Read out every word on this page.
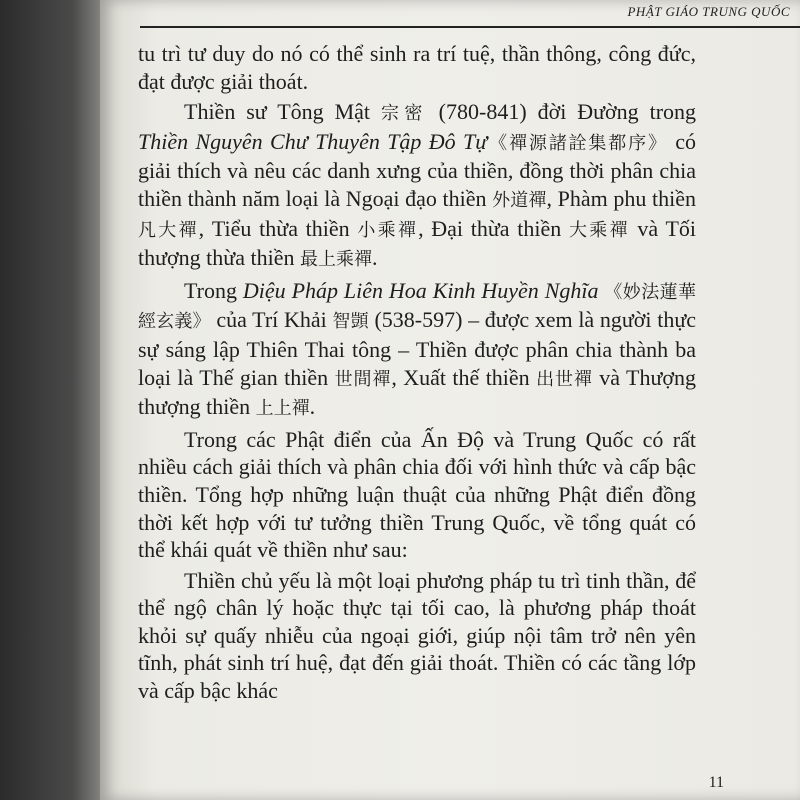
PHẬT GIÁO TRUNG QUỐC

tu trì tư duy do nó có thể sinh ra trí tuệ, thần thông, công đức, đạt được giải thoát.

Thiền sư Tông Mật 宗密 (780-841) đời Đường trong Thiền Nguyên Chư Thuyên Tập Đô Tự《禪源諸詮集都序》 có giải thích và nêu các danh xưng của thiền, đồng thời phân chia thiền thành năm loại là Ngoại đạo thiền 外道禪, Phàm phu thiền 凡大禪, Tiểu thừa thiền 小乘禪, Đại thừa thiền 大乘禪 và Tối thượng thừa thiền 最上乘禪.

Trong Diệu Pháp Liên Hoa Kinh Huyền Nghĩa 《妙法蓮華經玄義》 của Trí Khải 智顗 (538-597) – được xem là người thực sự sáng lập Thiên Thai tông – Thiền được phân chia thành ba loại là Thế gian thiền 世間禪, Xuất thế thiền 出世禪 và Thượng thượng thiền 上上禪.

Trong các Phật điển của Ấn Độ và Trung Quốc có rất nhiều cách giải thích và phân chia đối với hình thức và cấp bậc thiền. Tổng hợp những luận thuật của những Phật điển đồng thời kết hợp với tư tưởng thiền Trung Quốc, về tổng quát có thể khái quát về thiền như sau:

Thiền chủ yếu là một loại phương pháp tu trì tinh thần, để thể ngộ chân lý hoặc thực tại tối cao, là phương pháp thoát khỏi sự quấy nhiễu của ngoại giới, giúp nội tâm trở nên yên tĩnh, phát sinh trí huệ, đạt đến giải thoát. Thiền có các tầng lớp và cấp bậc khác

11
